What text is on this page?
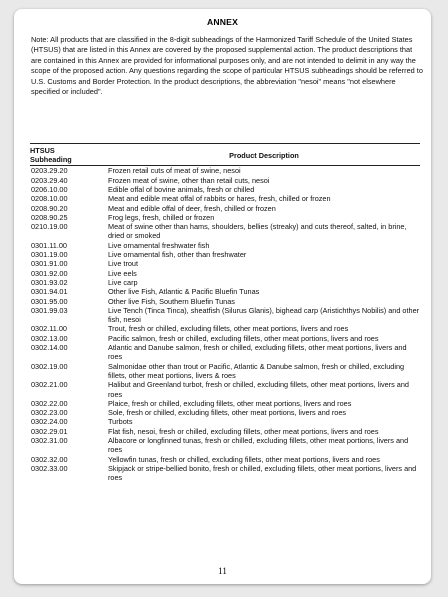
ANNEX
Note: All products that are classified in the 8-digit subheadings of the Harmonized Tariff Schedule of the United States (HTSUS) that are listed in this Annex are covered by the proposed supplemental action. The product descriptions that are contained in this Annex are provided for informational purposes only, and are not intended to delimit in any way the scope of the proposed action. Any questions regarding the scope of particular HTSUS subheadings should be referred to U.S. Customs and Border Protection. In the product descriptions, the abbreviation "nesoi" means "not elsewhere specified or included".
HTSUS
Subheading	Product Description
0203.29.20	Frozen retail cuts of meat of swine, nesoi
0203.29.40	Frozen meat of swine, other than retail cuts, nesoi
0206.10.00	Edible offal of bovine animals, fresh or chilled
0208.10.00	Meat and edible meat offal of rabbits or hares, fresh, chilled or frozen
0208.90.20	Meat and edible offal of deer, fresh, chilled or frozen
0208.90.25	Frog legs, fresh, chilled or frozen
0210.19.00	Meat of swine other than hams, shoulders, bellies (streaky) and cuts thereof, salted, in brine, dried or smoked
0301.11.00	Live ornamental freshwater fish
0301.19.00	Live ornamental fish, other than freshwater
0301.91.00	Live trout
0301.92.00	Live eels
0301.93.02	Live carp
0301.94.01	Other live Fish, Atlantic & Pacific Bluefin Tunas
0301.95.00	Other live Fish, Southern Bluefin Tunas
0301.99.03	Live Tench (Tinca Tinca), sheatfish (Silurus Glanis), bighead carp (Aristichthys Nobilis) and other fish, nesoi
0302.11.00	Trout, fresh or chilled, excluding fillets, other meat portions, livers and roes
0302.13.00	Pacific salmon, fresh or chilled, excluding fillets, other meat portions, livers and roes
0302.14.00	Atlantic and Danube salmon, fresh or chilled, excluding fillets, other meat portions, livers and roes
0302.19.00	Salmonidae other than trout or Pacific, Atlantic & Danube salmon, fresh or chilled, excluding fillets, other meat portions, livers & roes
0302.21.00	Halibut and Greenland turbot, fresh or chilled, excluding fillets, other meat portions, livers and roes
0302.22.00	Plaice, fresh or chilled, excluding fillets, other meat portions, livers and roes
0302.23.00	Sole, fresh or chilled, excluding fillets, other meat portions, livers and roes
0302.24.00	Turbots
0302.29.01	Flat fish, nesoi, fresh or chilled, excluding fillets, other meat portions, livers and roes
0302.31.00	Albacore or longfinned tunas, fresh or chilled, excluding fillets, other meat portions, livers and roes
0302.32.00	Yellowfin tunas, fresh or chilled, excluding fillets, other meat portions, livers and roes
0302.33.00	Skipjack or stripe-bellied bonito, fresh or chilled, excluding fillets, other meat portions, livers and roes
11
